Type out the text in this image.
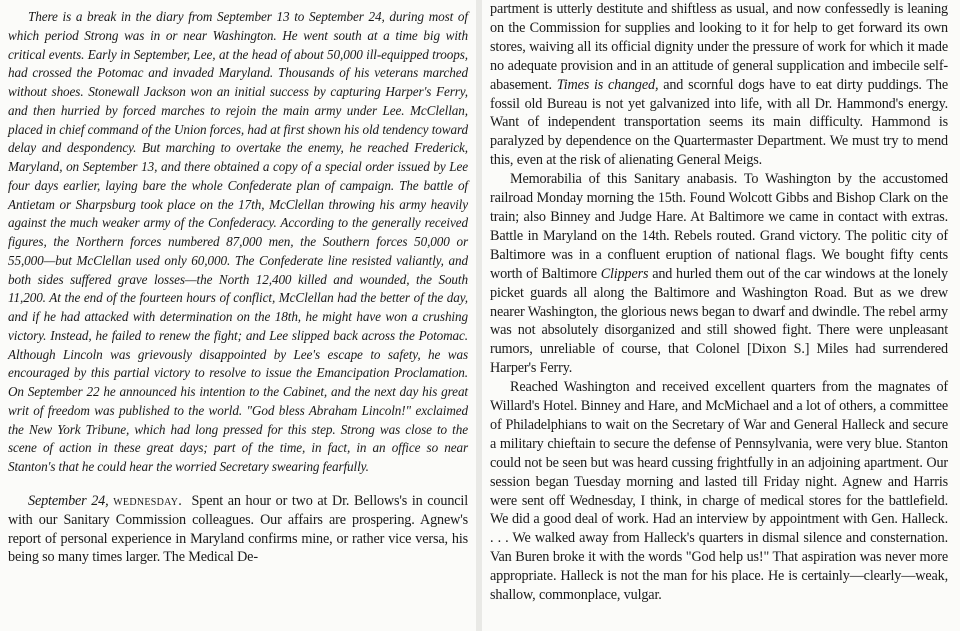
There is a break in the diary from September 13 to September 24, during most of which period Strong was in or near Washington. He went south at a time big with critical events. Early in September, Lee, at the head of about 50,000 ill-equipped troops, had crossed the Potomac and invaded Maryland. Thousands of his veterans marched without shoes. Stonewall Jackson won an initial success by capturing Harper's Ferry, and then hurried by forced marches to rejoin the main army under Lee. McClellan, placed in chief command of the Union forces, had at first shown his old tendency toward delay and despondency. But marching to overtake the enemy, he reached Frederick, Maryland, on September 13, and there obtained a copy of a special order issued by Lee four days earlier, laying bare the whole Confederate plan of campaign. The battle of Antietam or Sharpsburg took place on the 17th, McClellan throwing his army heavily against the much weaker army of the Confederacy. According to the generally received figures, the Northern forces numbered 87,000 men, the Southern forces 50,000 or 55,000—but McClellan used only 60,000. The Confederate line resisted valiantly, and both sides suffered grave losses—the North 12,400 killed and wounded, the South 11,200. At the end of the fourteen hours of conflict, McClellan had the better of the day, and if he had attacked with determination on the 18th, he might have won a crushing victory. Instead, he failed to renew the fight; and Lee slipped back across the Potomac. Although Lincoln was grievously disappointed by Lee's escape to safety, he was encouraged by this partial victory to resolve to issue the Emancipation Proclamation. On September 22 he announced his intention to the Cabinet, and the next day his great writ of freedom was published to the world. "God bless Abraham Lincoln!" exclaimed the New York Tribune, which had long pressed for this step. Strong was close to the scene of action in these great days; part of the time, in fact, in an office so near Stanton's that he could hear the worried Secretary swearing fearfully.

September 24, wednesday. Spent an hour or two at Dr. Bellows's in council with our Sanitary Commission colleagues. Our affairs are prospering. Agnew's report of personal experience in Maryland confirms mine, or rather vice versa, his being so many times larger. The Medical De-

partment is utterly destitute and shiftless as usual, and now confessedly is leaning on the Commission for supplies and looking to it for help to get forward its own stores, waiving all its official dignity under the pressure of work for which it made no adequate provision and in an attitude of general supplication and imbecile self-abasement. Times is changed, and scornful dogs have to eat dirty puddings. The fossil old Bureau is not yet galvanized into life, with all Dr. Hammond's energy. Want of independent transportation seems its main difficulty. Hammond is paralyzed by dependence on the Quartermaster Department. We must try to mend this, even at the risk of alienating General Meigs.

Memorabilia of this Sanitary anabasis. To Washington by the accustomed railroad Monday morning the 15th. Found Wolcott Gibbs and Bishop Clark on the train; also Binney and Judge Hare. At Baltimore we came in contact with extras. Battle in Maryland on the 14th. Rebels routed. Grand victory. The politic city of Baltimore was in a confluent eruption of national flags. We bought fifty cents worth of Baltimore Clippers and hurled them out of the car windows at the lonely picket guards all along the Baltimore and Washington Road. But as we drew nearer Washington, the glorious news began to dwarf and dwindle. The rebel army was not absolutely disorganized and still showed fight. There were unpleasant rumors, unreliable of course, that Colonel [Dixon S.] Miles had surrendered Harper's Ferry.

Reached Washington and received excellent quarters from the magnates of Willard's Hotel. Binney and Hare, and McMichael and a lot of others, a committee of Philadelphians to wait on the Secretary of War and General Halleck and secure a military chieftain to secure the defense of Pennsylvania, were very blue. Stanton could not be seen but was heard cussing frightfully in an adjoining apartment. Our session began Tuesday morning and lasted till Friday night. Agnew and Harris were sent off Wednesday, I think, in charge of medical stores for the battlefield. We did a good deal of work. Had an interview by appointment with Gen. Halleck. . . . We walked away from Halleck's quarters in dismal silence and consternation. Van Buren broke it with the words "God help us!" That aspiration was never more appropriate. Halleck is not the man for his place. He is certainly—clearly—weak, shallow, commonplace, vulgar.
